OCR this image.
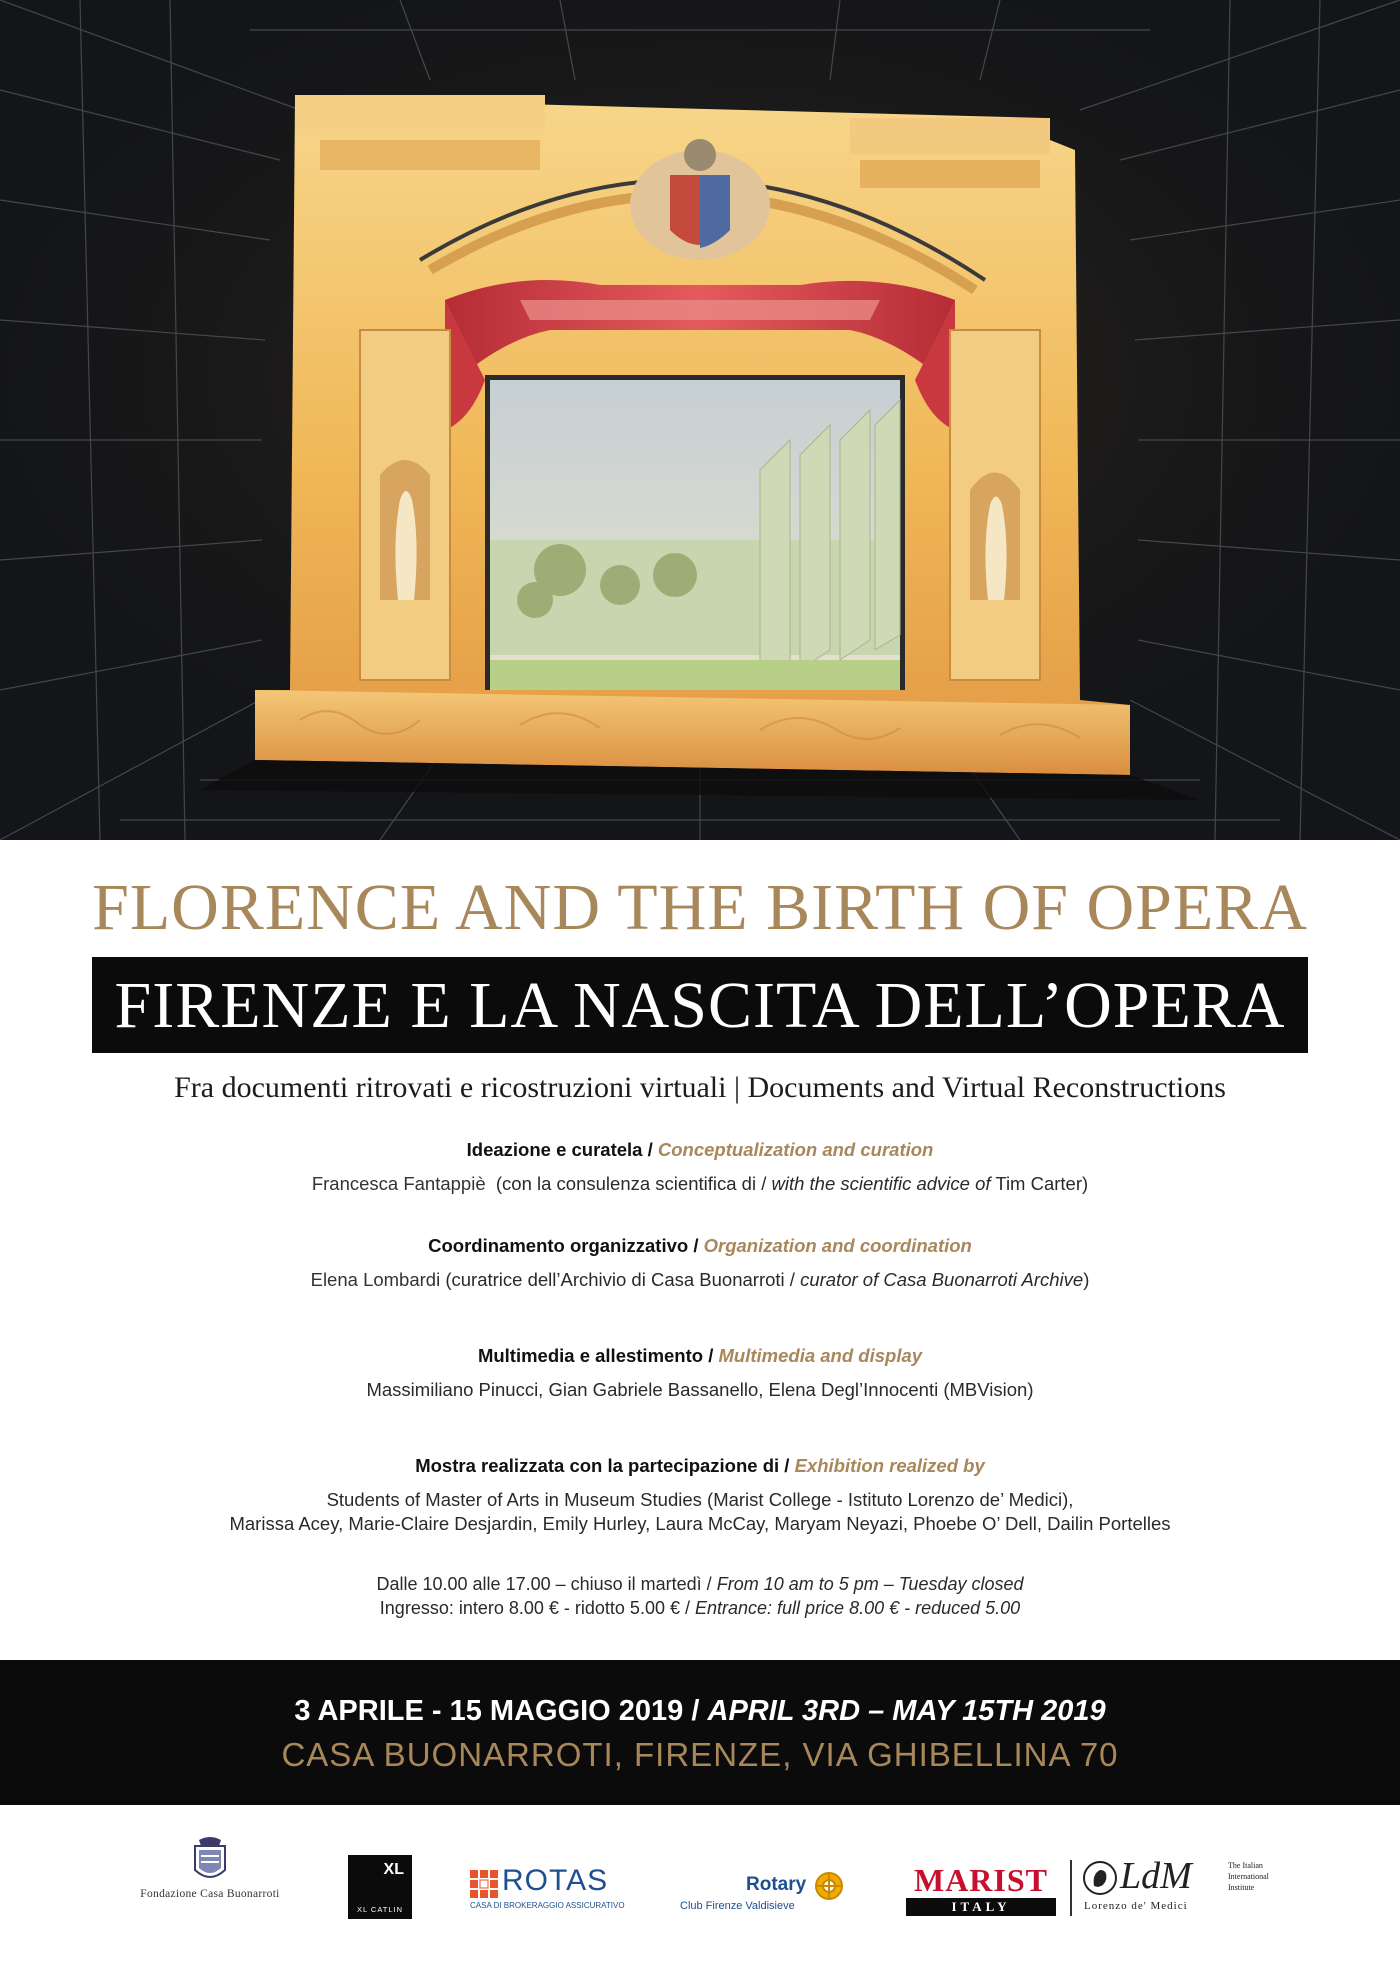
FLORENCE AND THE BIRTH OF OPERA
FIRENZE E LA NASCITA DELL’OPERA
Fra documenti ritrovati e ricostruzioni virtuali | Documents and Virtual Reconstructions
Ideazione e curatela / Conceptualization and curation
Francesca Fantappiè (con la consulenza scientifica di / with the scientific advice of Tim Carter)
Coordinamento organizzativo / Organization and coordination
Elena Lombardi (curatrice dell’Archivio di Casa Buonarroti / curator of Casa Buonarroti Archive)
Multimedia e allestimento / Multimedia and display
Massimiliano Pinucci, Gian Gabriele Bassanello, Elena Degl’Innocenti (MBVision)
Mostra realizzata con la partecipazione di / Exhibition realized by
Students of Master of Arts in Museum Studies (Marist College - Istituto Lorenzo de’ Medici),
Marissa Acey, Marie-Claire Desjardin, Emily Hurley, Laura McCay, Maryam Neyazi, Phoebe O’ Dell, Dailin Portelles
Dalle 10.00 alle 17.00 – chiuso il martedì / From 10 am to 5 pm – Tuesday closed
Ingresso: intero 8.00 € - ridotto 5.00 € / Entrance: full price 8.00 € - reduced 5.00
3 APRILE - 15 MAGGIO 2019 / APRIL 3RD – MAY 15TH 2019
CASA BUONARROTI, FIRENZE, VIA GHIBELLINA 70
Fondazione Casa Buonarroti
XL
XL CATLIN
ROTAS
CASA DI BROKERAGGIO ASSICURATIVO
Rotary
Club Firenze Valdisieve
MARIST
ITALY
LdM	The Italian
International
Institute
Lorenzo de' Medici
